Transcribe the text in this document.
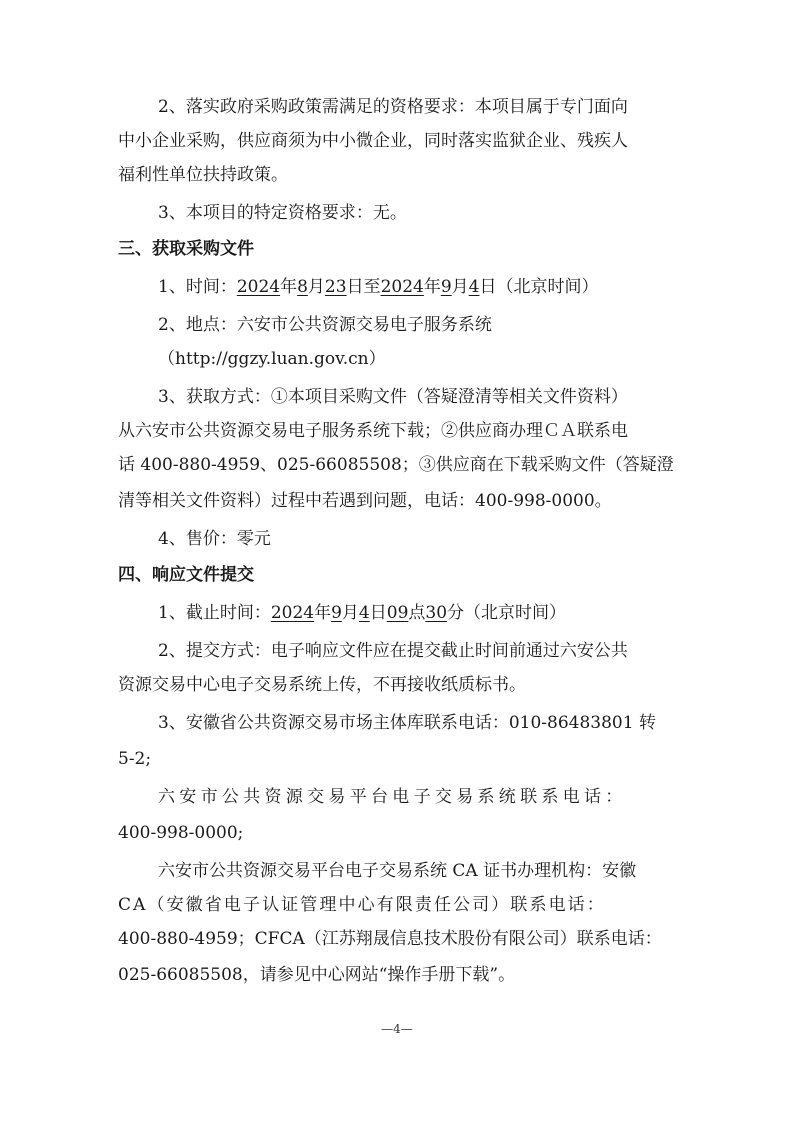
2、落实政府采购政策需满足的资格要求：本项目属于专门面向
中小企业采购，供应商须为中小微企业，同时落实监狱企业、残疾人
福利性单位扶持政策。
3、本项目的特定资格要求：无。
三、获取采购文件
1、时间：2024年8月23日至2024年9月4日（北京时间）
2、地点：六安市公共资源交易电子服务系统
（http://ggzy.luan.gov.cn）
3、获取方式：①本项目采购文件（答疑澄清等相关文件资料）
从六安市公共资源交易电子服务系统下载；②供应商办理ＣＡ联系电
话 400-880-4959、025-66085508；③供应商在下载采购文件（答疑澄
清等相关文件资料）过程中若遇到问题，电话：400-998-0000。
4、售价：零元
四、响应文件提交
1、截止时间：2024年9月4日09点30分（北京时间）
2、提交方式：电子响应文件应在提交截止时间前通过六安公共
资源交易中心电子交易系统上传，不再接收纸质标书。
3、安徽省公共资源交易市场主体库联系电话：010-86483801 转
5-2;
六安市公共资源交易平台电子交易系统联系电话：
400-998-0000;
六安市公共资源交易平台电子交易系统 CA 证书办理机构：安徽
CA（安徽省电子认证管理中心有限责任公司）联系电话：
400-880-4959；CFCA（江苏翔晟信息技术股份有限公司）联系电话：
025-66085508，请参见中心网站“操作手册下载”。
—4—
